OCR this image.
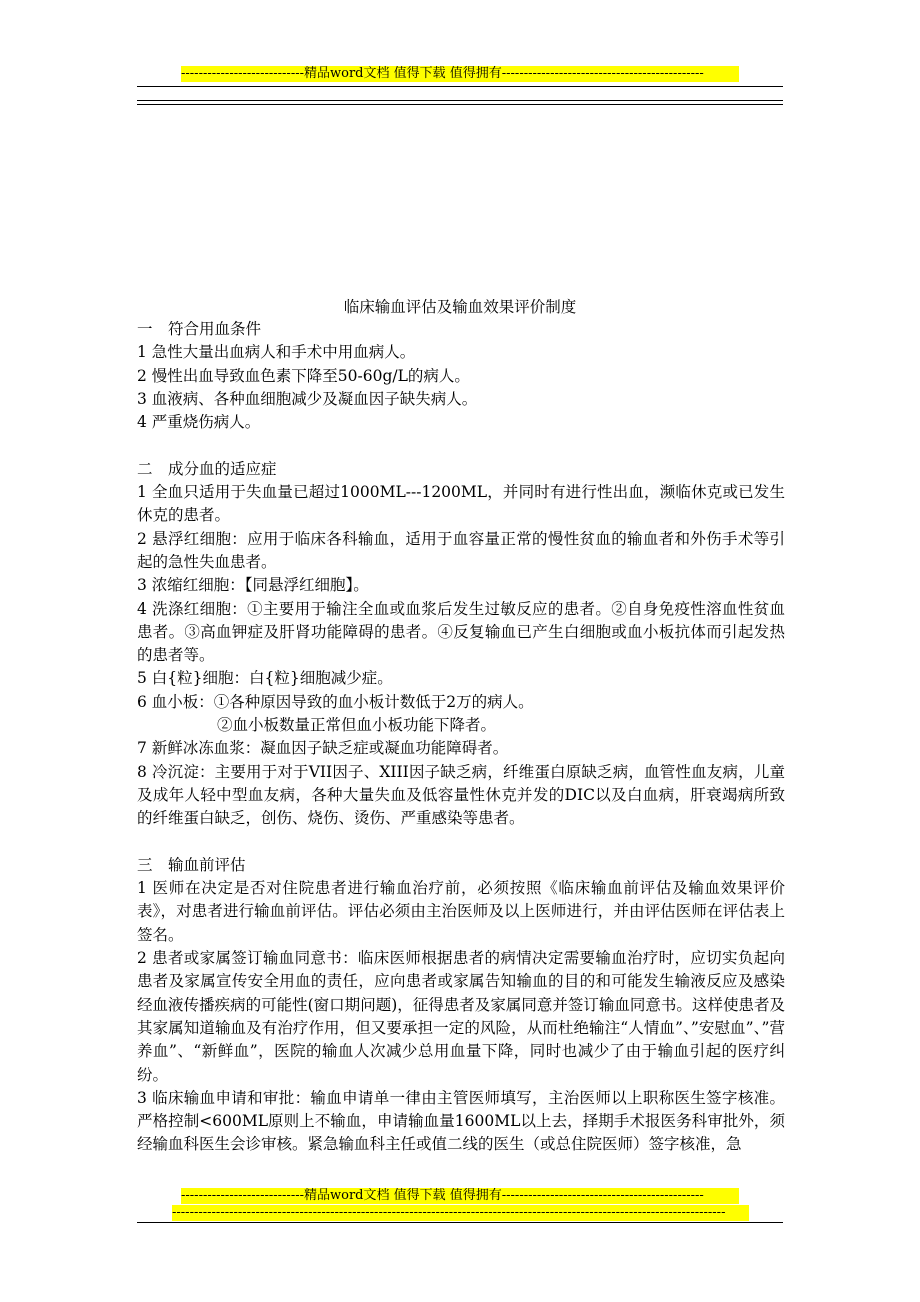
----------------------------精品word文档 值得下载 值得拥有----------------------------------------------
临床输血评估及输血效果评价制度

一　符合用血条件

1 急性大量出血病人和手术中用血病人。

2 慢性出血导致血色素下降至50-60g/L的病人。

3 血液病、各种血细胞减少及凝血因子缺失病人。

4 严重烧伤病人。

二　成分血的适应症

1 全血只适用于失血量已超过1000ML---1200ML，并同时有进行性出血，濒临休克或已发生休克的患者。

2 悬浮红细胞：应用于临床各科输血，适用于血容量正常的慢性贫血的输血者和外伤手术等引起的急性失血患者。

3 浓缩红细胞：【同悬浮红细胞】。

4 洗涤红细胞：①主要用于输注全血或血浆后发生过敏反应的患者。②自身免疫性溶血性贫血患者。③高血钾症及肝肾功能障碍的患者。④反复输血已产生白细胞或血小板抗体而引起发热的患者等。

5 白{粒}细胞：白{粒}细胞减少症。

6 血小板：①各种原因导致的血小板计数低于2万的病人。

②血小板数量正常但血小板功能下降者。

7 新鲜冰冻血浆：凝血因子缺乏症或凝血功能障碍者。

8 冷沉淀：主要用于对于VII因子、XIII因子缺乏病，纤维蛋白原缺乏病，血管性血友病，儿童及成年人轻中型血友病，各种大量失血及低容量性休克并发的DIC以及白血病，肝衰竭病所致的纤维蛋白缺乏，创伤、烧伤、烫伤、严重感染等患者。

三　输血前评估

1 医师在决定是否对住院患者进行输血治疗前，必须按照《临床输血前评估及输血效果评价表》，对患者进行输血前评估。评估必须由主治医师及以上医师进行，并由评估医师在评估表上签名。

2 患者或家属签订输血同意书：临床医师根据患者的病情决定需要输血治疗时，应切实负起向患者及家属宣传安全用血的责任，应向患者或家属告知输血的目的和可能发生输液反应及感染经血液传播疾病的可能性(窗口期问题)，征得患者及家属同意并签订输血同意书。这样使患者及其家属知道输血及有治疗作用，但又要承担一定的风险，从而杜绝输注“人情血”、”安慰血”、”营养血”、“新鲜血”，医院的输血人次减少总用血量下降，同时也减少了由于输血引起的医疗纠纷。

3 临床输血申请和审批：输血申请单一律由主管医师填写，主治医师以上职称医生签字核准。严格控制<600ML原则上不输血，申请输血量1600ML以上去，择期手术报医务科审批外，须经输血科医生会诊审核。紧急输血科主任或值二线的医生（或总住院医师）签字核准，急

----------------------------精品word文档 值得下载 值得拥有----------------------------------------------
------------------------------------------------------------------------------------------------------------------------------
